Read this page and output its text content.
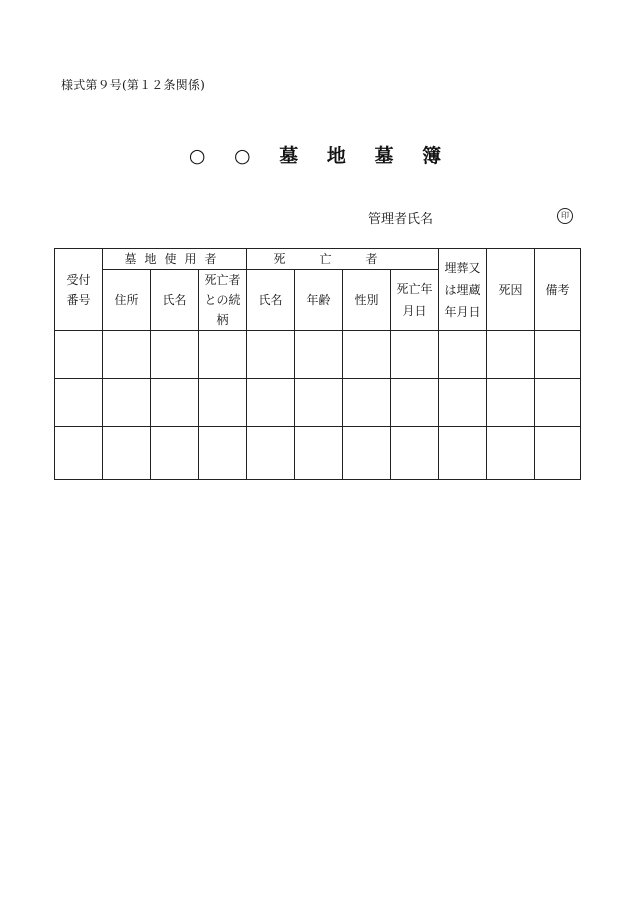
様式第９号(第１２条関係)
○ ○ 墓 地 墓 簿
管理者氏名	印
受付番号	墓地使用者			死亡者				埋葬又は埋蔵年月日	死因	備考
	住所	氏名	死亡者との続柄	氏名	年齢	性別	死亡年月日			
